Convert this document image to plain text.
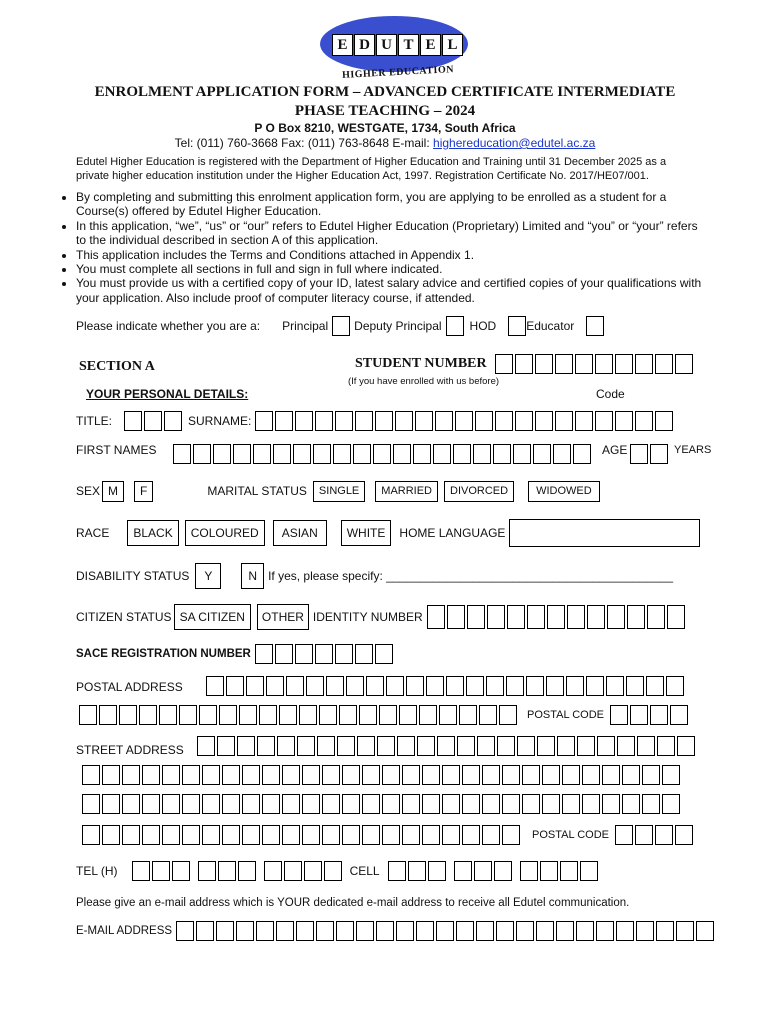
E D U T E L
HIGHER EDUCATION
ENROLMENT APPLICATION FORM – ADVANCED CERTIFICATE INTERMEDIATE
PHASE TEACHING – 2024
P O Box 8210, WESTGATE, 1734, South Africa
Tel: (011) 760-3668 Fax: (011) 763-8648 E-mail: highereducation@edutel.ac.za
Edutel Higher Education is registered with the Department of Higher Education and Training until 31 December 2025 as a private higher education institution under the Higher Education Act, 1997. Registration Certificate No. 2017/HE07/001.
• By completing and submitting this enrolment application form, you are applying to be enrolled as a student for a Course(s) offered by Edutel Higher Education.
• In this application, “we”, “us” or “our” refers to Edutel Higher Education (Proprietary) Limited and “you” or “your” refers to the individual described in section A of this application.
• This application includes the Terms and Conditions attached in Appendix 1.
• You must complete all sections in full and sign in full where indicated.
• You must provide us with a certified copy of your ID, latest salary advice and certified copies of your qualifications with your application. Also include proof of computer literacy course, if attended.
Please indicate whether you are a: Principal Deputy Principal HOD	Educator
SECTION A	STUDENT NUMBER
(If you have enrolled with us before)
YOUR PERSONAL DETAILS:	Code
TITLE:	SURNAME:
FIRST NAMES	AGE	YEARS
SEX M	F	MARITAL STATUS	SINGLE	MARRIED	DIVORCED	WIDOWED
RACE	BLACK	COLOURED	ASIAN	WHITE	HOME LANGUAGE
DISABILITY STATUS	Y	N If yes, please specify: ___________________________________________
CITIZEN STATUS SA CITIZEN	OTHER IDENTITY NUMBER
SACE REGISTRATION NUMBER
POSTAL ADDRESS
POSTAL CODE
STREET ADDRESS
POSTAL CODE
TEL (H)	CELL
Please give an e-mail address which is YOUR dedicated e-mail address to receive all Edutel communication.
E-MAIL ADDRESS
